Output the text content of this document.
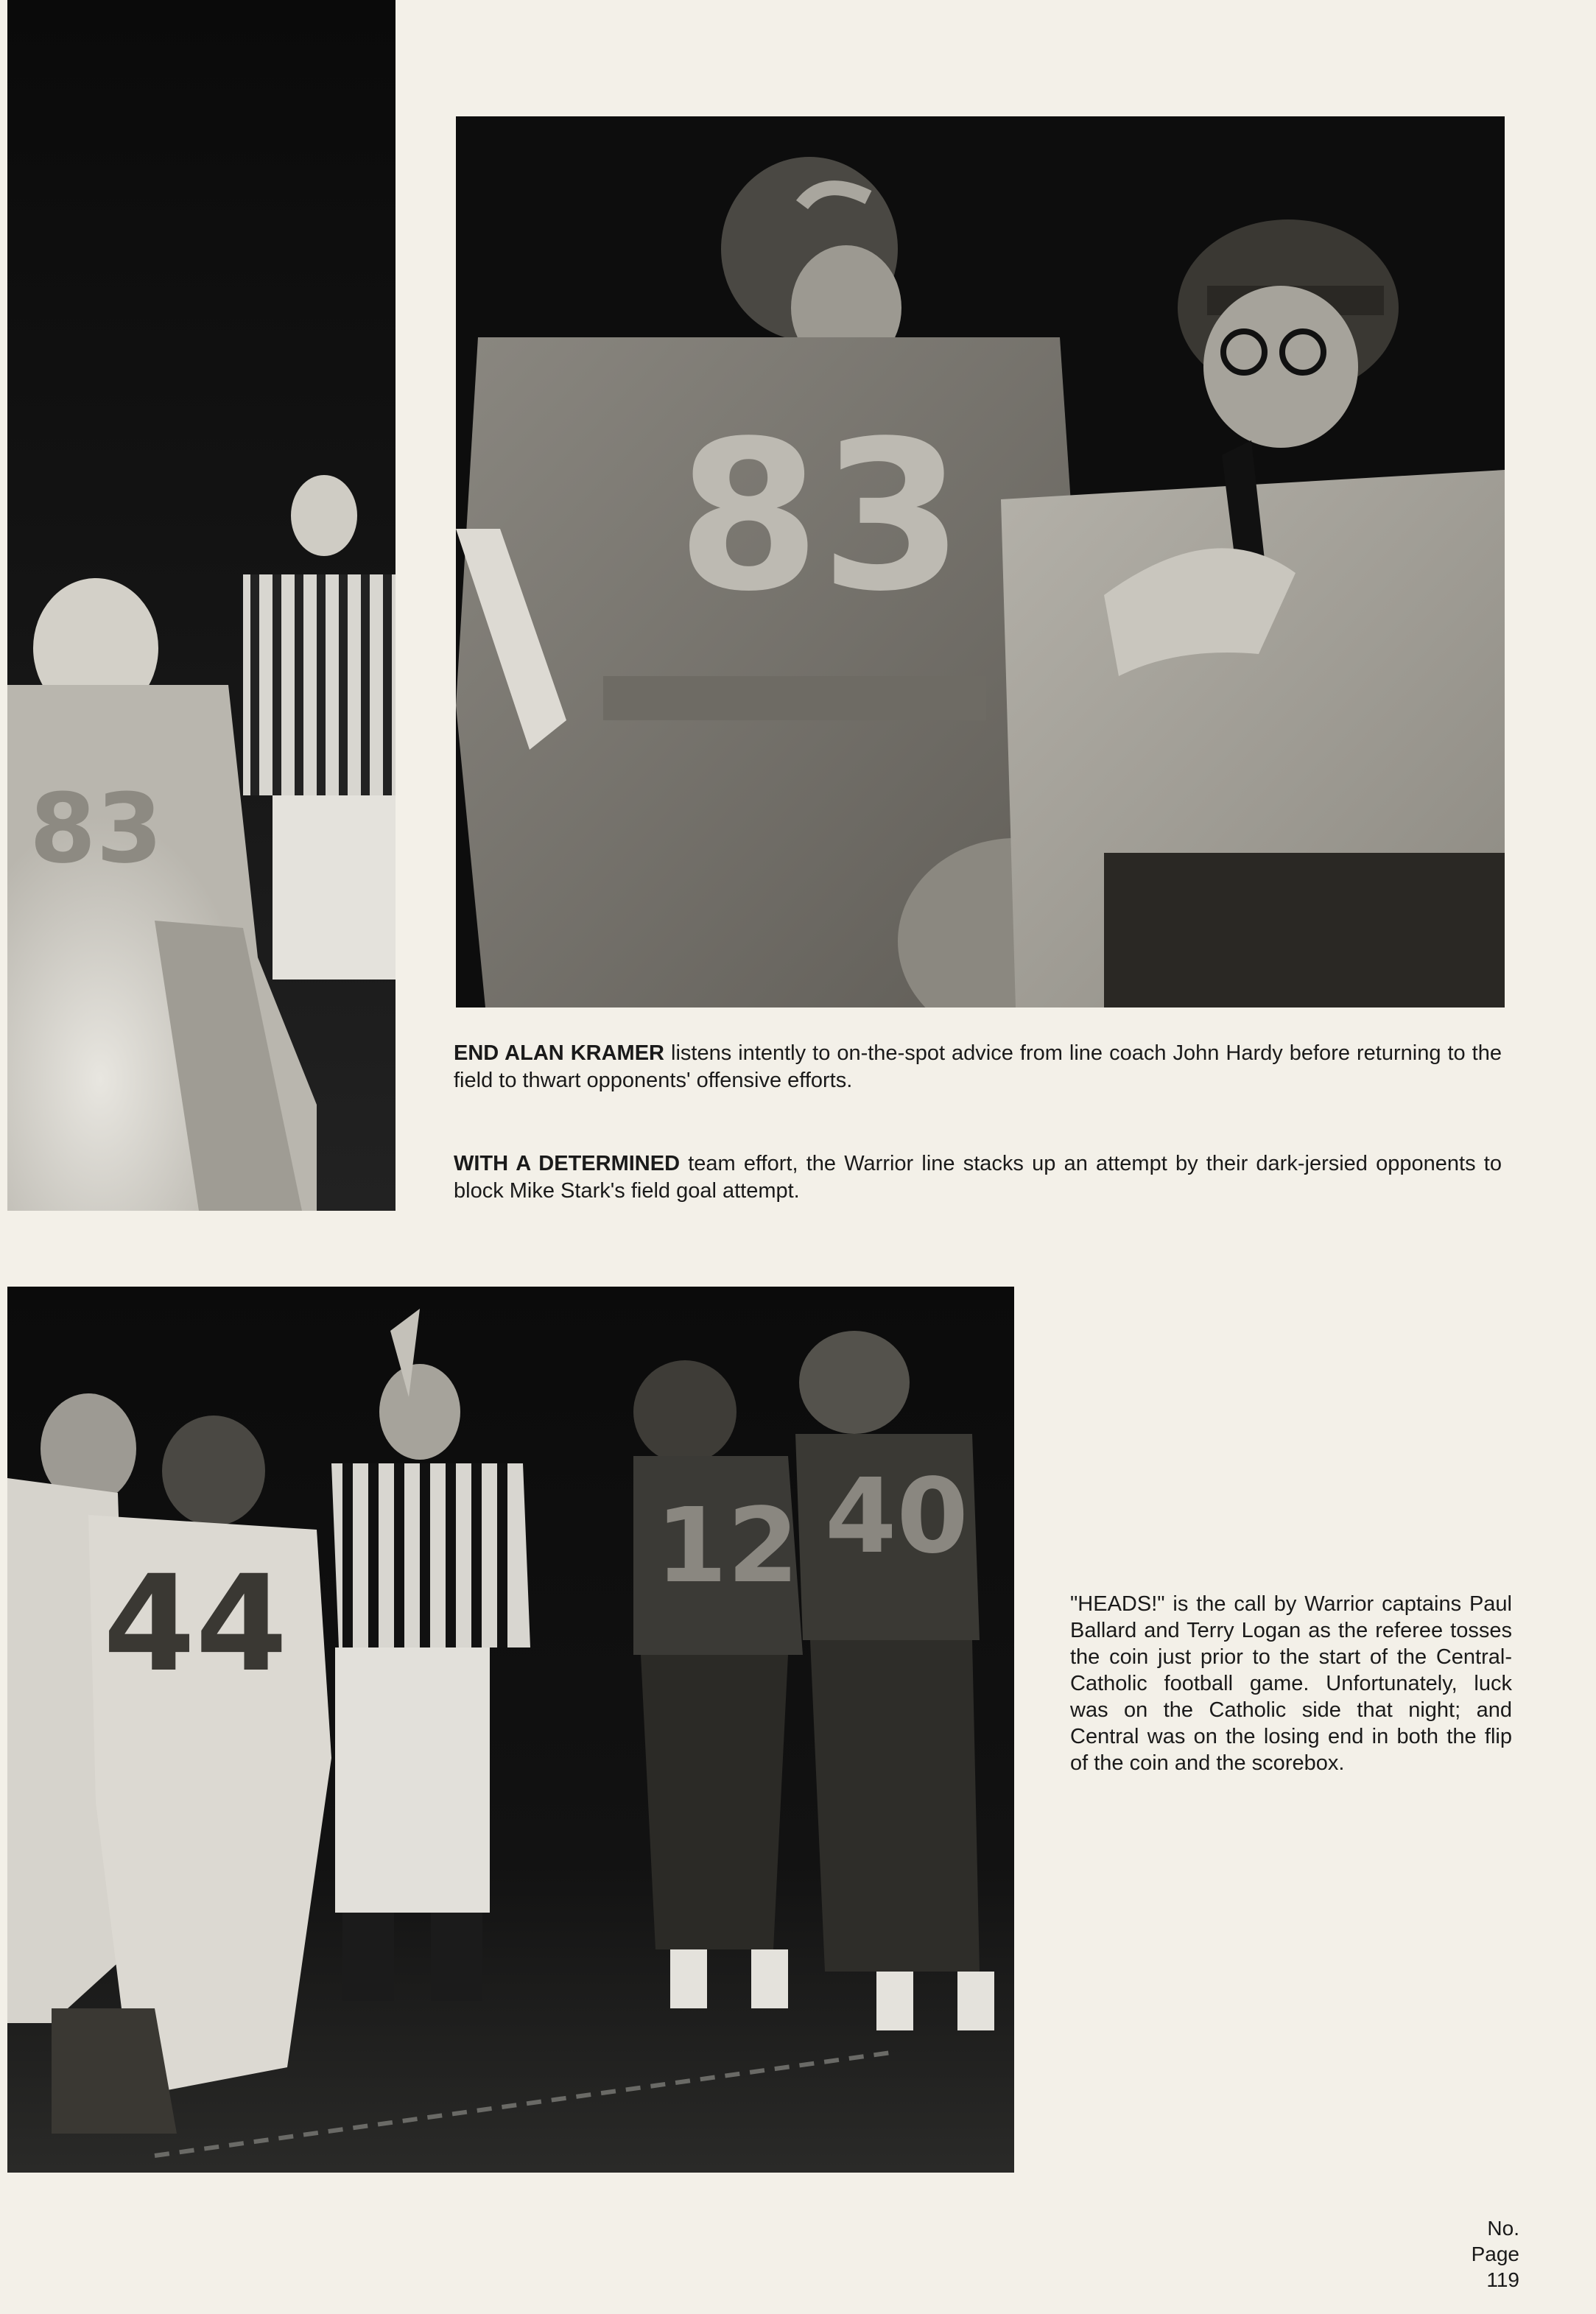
83
83

END ALAN KRAMER listens intently to on-the-spot advice from line coach John Hardy before returning to the field to thwart opponents' offensive efforts.

WITH A DETERMINED team effort, the Warrior line stacks up an attempt by their dark-jersied opponents to block Mike Stark's field goal attempt.

44
12 40

"HEADS!" is the call by Warrior captains Paul Ballard and Terry Logan as the referee tosses the coin just prior to the start of the Central-Catholic football game. Unfortunately, luck was on the Catholic side that night; and Central was on the losing end in both the flip of the coin and the scorebox.

No.
Page
119
